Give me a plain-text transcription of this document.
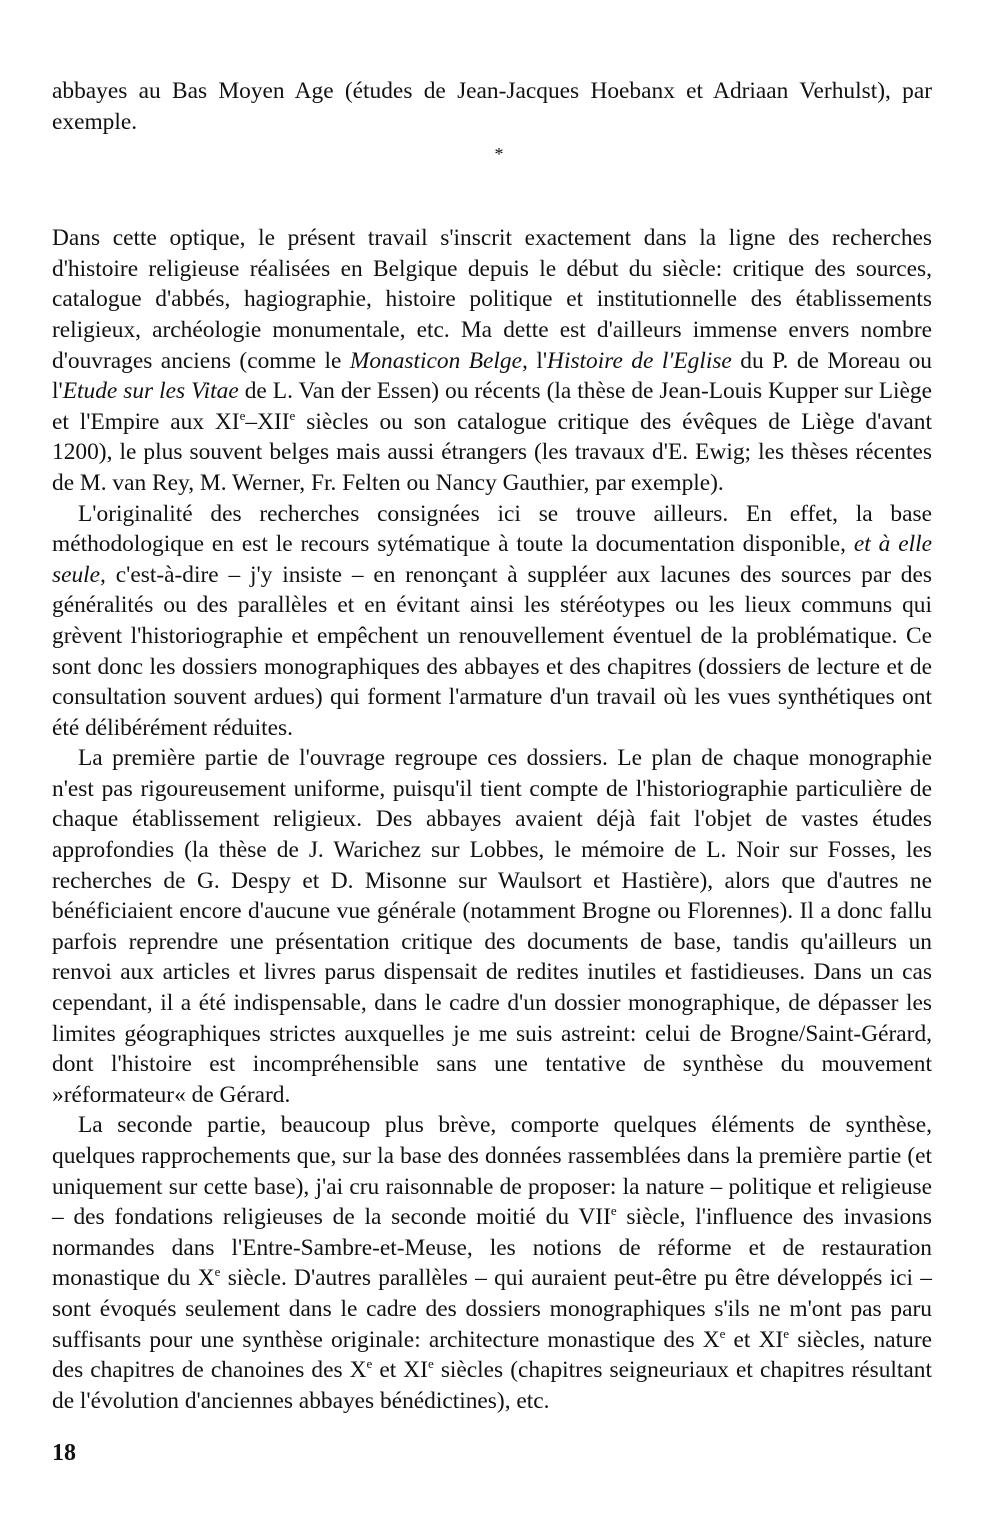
abbayes au Bas Moyen Age (études de Jean-Jacques Hoebanx et Adriaan Verhulst), par exemple.

*

Dans cette optique, le présent travail s'inscrit exactement dans la ligne des recherches d'histoire religieuse réalisées en Belgique depuis le début du siècle: critique des sources, catalogue d'abbés, hagiographie, histoire politique et institutionnelle des établissements religieux, archéologie monumentale, etc. Ma dette est d'ailleurs immense envers nombre d'ouvrages anciens (comme le Monasticon Belge, l'Histoire de l'Eglise du P. de Moreau ou l'Etude sur les Vitae de L. Van der Essen) ou récents (la thèse de Jean-Louis Kupper sur Liège et l'Empire aux XIe–XIIe siècles ou son catalogue critique des évêques de Liège d'avant 1200), le plus souvent belges mais aussi étrangers (les travaux d'E. Ewig; les thèses récentes de M. van Rey, M. Werner, Fr. Felten ou Nancy Gauthier, par exemple).

L'originalité des recherches consignées ici se trouve ailleurs. En effet, la base méthodologique en est le recours sytématique à toute la documentation disponible, et à elle seule, c'est-à-dire – j'y insiste – en renonçant à suppléer aux lacunes des sources par des généralités ou des parallèles et en évitant ainsi les stéréotypes ou les lieux communs qui grèvent l'historiographie et empêchent un renouvellement éventuel de la problématique. Ce sont donc les dossiers monographiques des abbayes et des chapitres (dossiers de lecture et de consultation souvent ardues) qui forment l'armature d'un travail où les vues synthétiques ont été délibérément réduites.

La première partie de l'ouvrage regroupe ces dossiers. Le plan de chaque monographie n'est pas rigoureusement uniforme, puisqu'il tient compte de l'historiographie particulière de chaque établissement religieux. Des abbayes avaient déjà fait l'objet de vastes études approfondies (la thèse de J. Warichez sur Lobbes, le mémoire de L. Noir sur Fosses, les recherches de G. Despy et D. Misonne sur Waulsort et Hastière), alors que d'autres ne bénéficiaient encore d'aucune vue générale (notamment Brogne ou Florennes). Il a donc fallu parfois reprendre une présentation critique des documents de base, tandis qu'ailleurs un renvoi aux articles et livres parus dispensait de redites inutiles et fastidieuses. Dans un cas cependant, il a été indispensable, dans le cadre d'un dossier monographique, de dépasser les limites géographiques strictes auxquelles je me suis astreint: celui de Brogne/Saint-Gérard, dont l'histoire est incompréhensible sans une tentative de synthèse du mouvement »réformateur« de Gérard.

La seconde partie, beaucoup plus brève, comporte quelques éléments de synthèse, quelques rapprochements que, sur la base des données rassemblées dans la première partie (et uniquement sur cette base), j'ai cru raisonnable de proposer: la nature – politique et religieuse – des fondations religieuses de la seconde moitié du VIIe siècle, l'influence des invasions normandes dans l'Entre-Sambre-et-Meuse, les notions de réforme et de restauration monastique du Xe siècle. D'autres parallèles – qui auraient peut-être pu être développés ici – sont évoqués seulement dans le cadre des dossiers monographiques s'ils ne m'ont pas paru suffisants pour une synthèse originale: architecture monastique des Xe et XIe siècles, nature des chapitres de chanoines des Xe et XIe siècles (chapitres seigneuriaux et chapitres résultant de l'évolution d'anciennes abbayes bénédictines), etc.

18
